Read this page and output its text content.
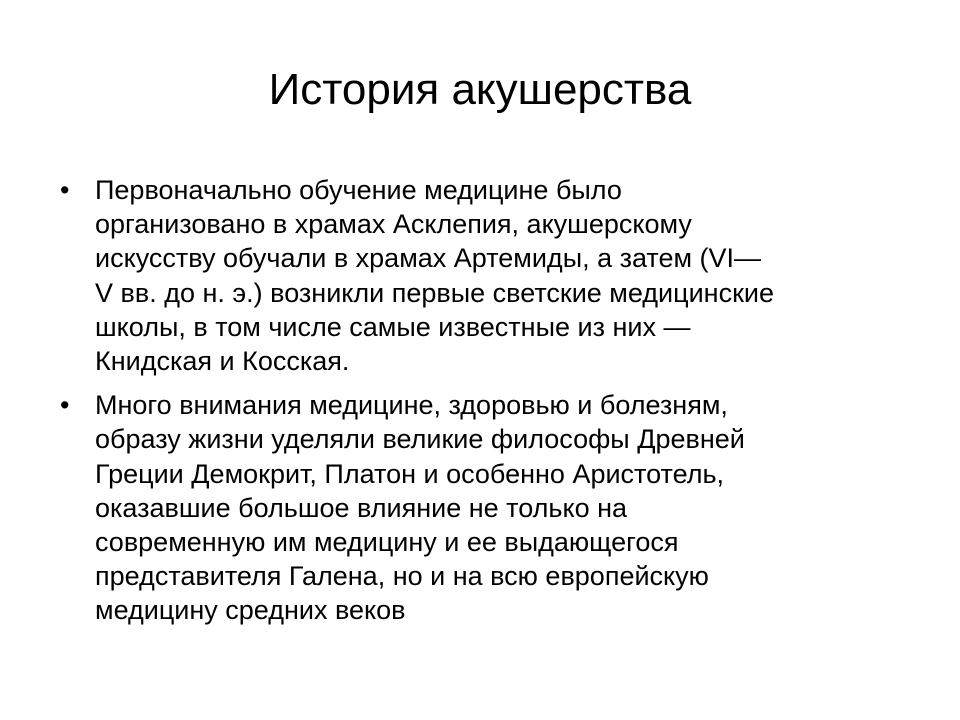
История акушерства
• Первоначально обучение медицине было
организовано в храмах Асклепия, акушерскому
искусству обучали в храмах Артемиды, а затем (VI—
V вв. до н. э.) возникли первые светские медицинские
школы, в том числе самые известные из них —
Книдская и Косская.
• Много внимания медицине, здоровью и болезням,
образу жизни уделяли великие философы Древней
Греции Демокрит, Платон и особенно Аристотель,
оказавшие большое влияние не только на
современную им медицину и ее выдающегося
представителя Галена, но и на всю европейскую
медицину средних веков
